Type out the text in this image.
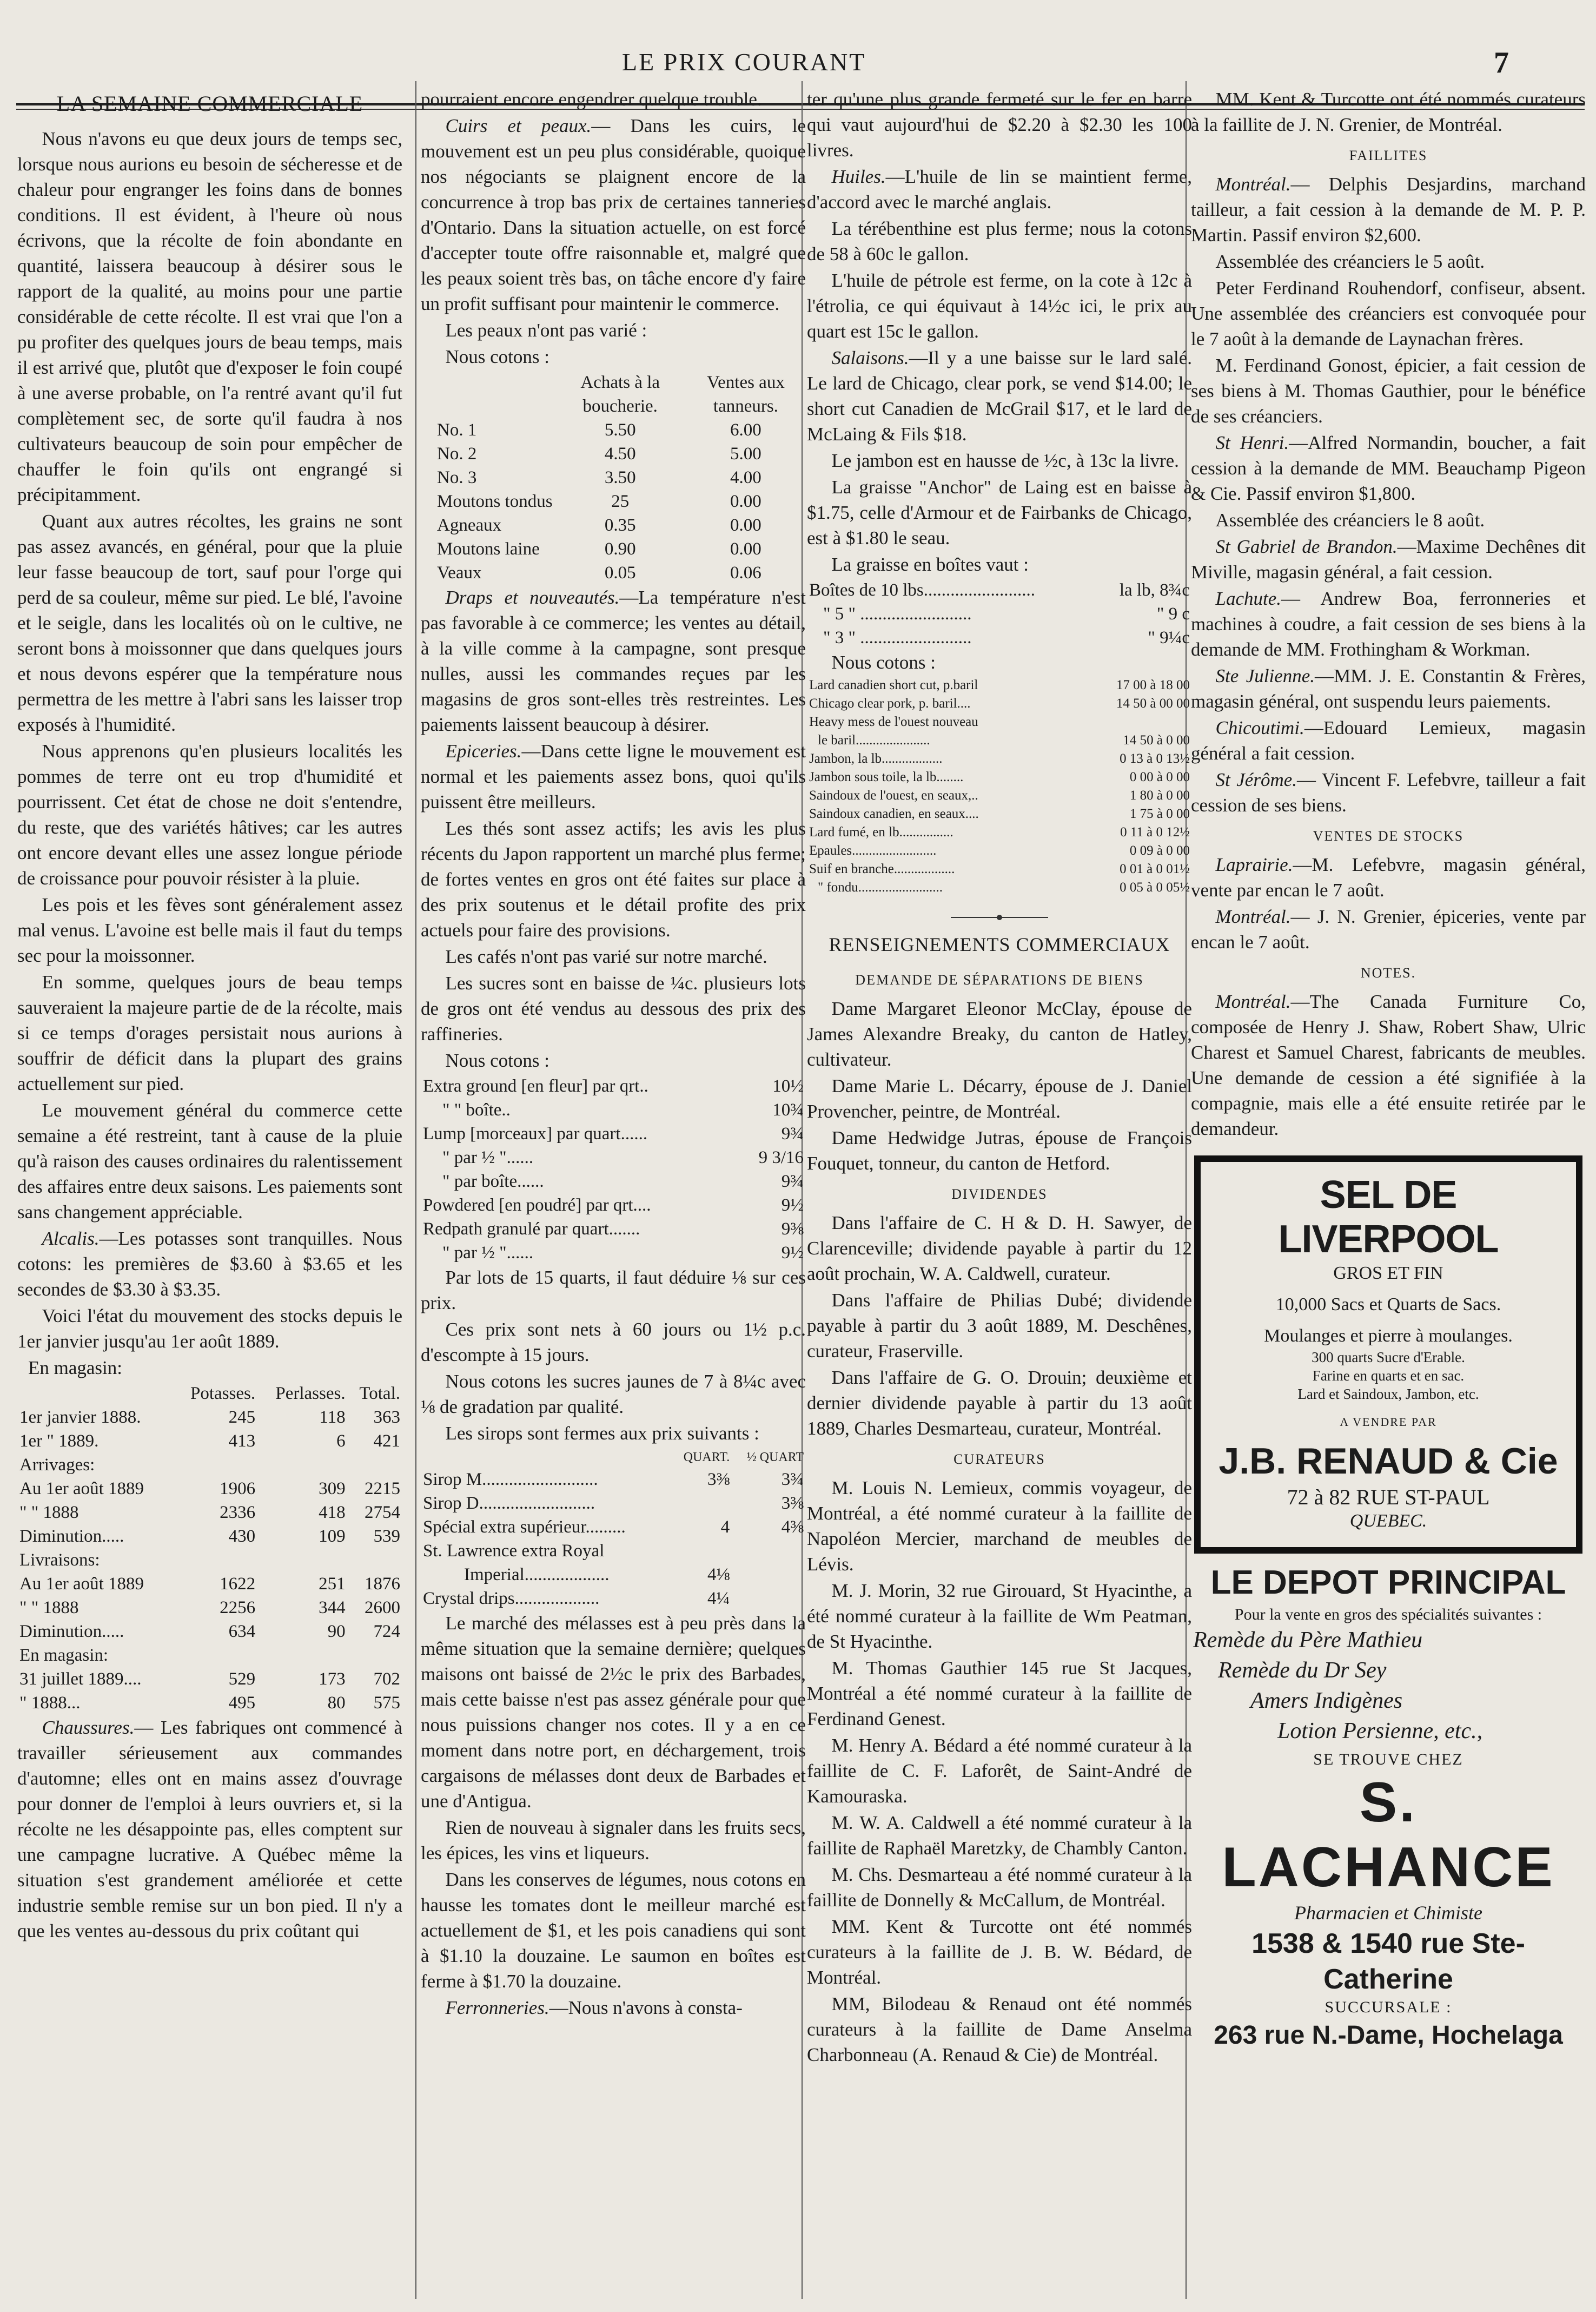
LE PRIX COURANT	7
LA SEMAINE COMMERCIALE

Nous n'avons eu que deux jours de temps sec, lorsque nous aurions eu besoin de sécheresse et de chaleur pour engranger les foins dans de bonnes conditions. Il est évident, à l'heure où nous écrivons, que la récolte de foin abondante en quantité, laissera beaucoup à désirer sous le rapport de la qualité, au moins pour une partie considérable de cette récolte. Il est vrai que l'on a pu profiter des quelques jours de beau temps, mais il est arrivé que, plutôt que d'exposer le foin coupé à une averse probable, on l'a rentré avant qu'il fut complètement sec, de sorte qu'il faudra à nos cultivateurs beaucoup de soin pour empêcher de chauffer le foin qu'ils ont engrangé si précipitamment.

Quant aux autres récoltes, les grains ne sont pas assez avancés, en général, pour que la pluie leur fasse beaucoup de tort, sauf pour l'orge qui perd de sa couleur, même sur pied. Le blé, l'avoine et le seigle, dans les localités où on le cultive, ne seront bons à moissonner que dans quelques jours et nous devons espérer que la température nous permettra de les mettre à l'abri sans les laisser trop exposés à l'humidité.

Nous apprenons qu'en plusieurs localités les pommes de terre ont eu trop d'humidité et pourrissent. Cet état de chose ne doit s'entendre, du reste, que des variétés hâtives; car les autres ont encore devant elles une assez longue période de croissance pour pouvoir résister à la pluie.

Les pois et les fèves sont généralement assez mal venus. L'avoine est belle mais il faut du temps sec pour la moissonner.

En somme, quelques jours de beau temps sauveraient la majeure partie de de la récolte, mais si ce temps d'orages persistait nous aurions à souffrir de déficit dans la plupart des grains actuellement sur pied.

Le mouvement général du commerce cette semaine a été restreint, tant à cause de la pluie qu'à raison des causes ordinaires du ralentissement des affaires entre deux saisons. Les paiements sont sans changement appréciable.

Alcalis.—Les potasses sont tranquilles. Nous cotons: les premières de $3.60 à $3.65 et les secondes de $3.30 à $3.35.

Voici l'état du mouvement des stocks depuis le 1er janvier jusqu'au 1er août 1889.

En magasin:

	Potasses.	Perlasses.	Total.
1er janvier 1888.	245	118	363
1er " 1889.	413	6	421
Arrivages:			
Au 1er août 1889	1906	309	2215
" " 1888	2336	418	2754
Diminution.....	430	109	539
Livraisons:			
Au 1er août 1889	1622	251	1876
" " 1888	2256	344	2600
Diminution.....	634	90	724
En magasin:			
31 juillet 1889....	529	173	702
" 1888...	495	80	575

Chaussures.— Les fabriques ont commencé à travailler sérieusement aux commandes d'automne; elles ont en mains assez d'ouvrage pour donner de l'emploi à leurs ouvriers et, si la récolte ne les désappointe pas, elles comptent sur une campagne lucrative. A Québec même la situation s'est grandement améliorée et cette industrie semble remise sur un bon pied. Il n'y a que les ventes au-dessous du prix coûtant qui

pourraient encore engendrer quelque trouble.

Cuirs et peaux.— Dans les cuirs, le mouvement est un peu plus considérable, quoique nos négociants se plaignent encore de la concurrence à trop bas prix de certaines tanneries d'Ontario. Dans la situation actuelle, on est forcé d'accepter toute offre raisonnable et, malgré que les peaux soient très bas, on tâche encore d'y faire un profit suffisant pour maintenir le commerce.

Les peaux n'ont pas varié :

Nous cotons :

	Achats à la boucherie.	Ventes aux tanneurs.
No. 1	5.50	6.00
No. 2	4.50	5.00
No. 3	3.50	4.00
Moutons tondus	25	0.00
Agneaux	0.35	0.00
Moutons laine	0.90	0.00
Veaux	0.05	0.06

Draps et nouveautés.—La température n'est pas favorable à ce commerce; les ventes au détail, à la ville comme à la campagne, sont presque nulles, aussi les commandes reçues par les magasins de gros sont-elles très restreintes. Les paiements laissent beaucoup à désirer.

Epiceries.—Dans cette ligne le mouvement est normal et les paiements assez bons, quoi qu'ils puissent être meilleurs.

Les thés sont assez actifs; les avis les plus récents du Japon rapportent un marché plus ferme; de fortes ventes en gros ont été faites sur place à des prix soutenus et le détail profite des prix actuels pour faire des provisions.

Les cafés n'ont pas varié sur notre marché.

Les sucres sont en baisse de ¼c. plusieurs lots de gros ont été vendus au dessous des prix des raffineries.

Nous cotons :

Extra ground [en fleur] par qrt..	10½
" " boîte..	10¾
Lump [morceaux] par quart......	9¾
" par ½ "......	9 3/16
" par boîte......	9¾
Powdered [en poudré] par qrt....	9½
Redpath granulé par quart.......	9⅜
" par ½ "......	9½

Par lots de 15 quarts, il faut déduire ⅛ sur ces prix.

Ces prix sont nets à 60 jours ou 1½ p.c. d'escompte à 15 jours.

Nous cotons les sucres jaunes de 7 à 8¼c avec ⅛ de gradation par qualité.

Les sirops sont fermes aux prix suivants :

	QUART.	½ QUART
Sirop M..........................	3⅜	3¾
Sirop D..........................		3⅜
Spécial extra supérieur.........	4	4⅜
St. Lawrence extra Royal		
Imperial...................	4⅛	
Crystal drips...................	4¼	

Le marché des mélasses est à peu près dans la même situation que la semaine dernière; quelques maisons ont baissé de 2½c le prix des Barbades, mais cette baisse n'est pas assez générale pour que nous puissions changer nos cotes. Il y a en ce moment dans notre port, en déchargement, trois cargaisons de mélasses dont deux de Barbades et une d'Antigua.

Rien de nouveau à signaler dans les fruits secs, les épices, les vins et liqueurs.

Dans les conserves de légumes, nous cotons en hausse les tomates dont le meilleur marché est actuellement de $1, et les pois canadiens qui sont à $1.10 la douzaine. Le saumon en boîtes est ferme à $1.70 la douzaine.

Ferronneries.—Nous n'avons à consta-

ter qu'une plus grande fermeté sur le fer en barre qui vaut aujourd'hui de $2.20 à $2.30 les 100 livres.

Huiles.—L'huile de lin se maintient ferme, d'accord avec le marché anglais.

La térébenthine est plus ferme; nous la cotons de 58 à 60c le gallon.

L'huile de pétrole est ferme, on la cote à 12c à l'étrolia, ce qui équivaut à 14½c ici, le prix au quart est 15c le gallon.

Salaisons.—Il y a une baisse sur le lard salé. Le lard de Chicago, clear pork, se vend $14.00; le short cut Canadien de McGrail $17, et le lard de McLaing & Fils $18.

Le jambon est en hausse de ½c, à 13c la livre.

La graisse "Anchor" de Laing est en baisse à $1.75, celle d'Armour et de Fairbanks de Chicago, est à $1.80 le seau.

La graisse en boîtes vaut :

Boîtes de 10 lbs.........................	la lb, 8¾c
" 5 " .........................	" 9 c
" 3 " .........................	" 9¼c

Nous cotons :

Lard canadien short cut, p.baril	17 00 à 18 00
Chicago clear pork, p. baril....	14 50 à 00 00
Heavy mess de l'ouest nouveau	
le baril......................	14 50 à 0 00
Jambon, la lb..................	0 13 à 0 13½
Jambon sous toile, la lb........	0 00 à 0 00
Saindoux de l'ouest, en seaux,..	1 80 à 0 00
Saindoux canadien, en seaux....	1 75 à 0 00
Lard fumé, en lb................	0 11 à 0 12½
Epaules.........................	0 09 à 0 00
Suif en branche..................	0 01 à 0 01½
" fondu.........................	0 05 à 0 05½
RENSEIGNEMENTS COMMERCIAUX
DEMANDE DE SÉPARATIONS DE BIENS

Dame Margaret Eleonor McClay, épouse de James Alexandre Breaky, du canton de Hatley, cultivateur.

Dame Marie L. Décarry, épouse de J. Daniel Provencher, peintre, de Montréal.

Dame Hedwidge Jutras, épouse de François Fouquet, tonneur, du canton de Hetford.

DIVIDENDES

Dans l'affaire de C. H & D. H. Sawyer, de Clarenceville; dividende payable à partir du 12 août prochain, W. A. Caldwell, curateur.

Dans l'affaire de Philias Dubé; dividende payable à partir du 3 août 1889, M. Deschênes, curateur, Fraserville.

Dans l'affaire de G. O. Drouin; deuxième et dernier dividende payable à partir du 13 août 1889, Charles Desmarteau, curateur, Montréal.

CURATEURS

M. Louis N. Lemieux, commis voyageur, de Montréal, a été nommé curateur à la faillite de Napoléon Mercier, marchand de meubles de Lévis.

M. J. Morin, 32 rue Girouard, St Hyacinthe, a été nommé curateur à la faillite de Wm Peatman, de St Hyacinthe.

M. Thomas Gauthier 145 rue St Jacques, Montréal a été nommé curateur à la faillite de Ferdinand Genest.

M. Henry A. Bédard a été nommé curateur à la faillite de C. F. Laforêt, de Saint-André de Kamouraska.

M. W. A. Caldwell a été nommé curateur à la faillite de Raphaël Maretzky, de Chambly Canton.

M. Chs. Desmarteau a été nommé curateur à la faillite de Donnelly & McCallum, de Montréal.

MM. Kent & Turcotte ont été nommés curateurs à la faillite de J. B. W. Bédard, de Montréal.

MM, Bilodeau & Renaud ont été nommés curateurs à la faillite de Dame Anselma Charbonneau (A. Renaud & Cie) de Montréal.

MM. Kent & Turcotte ont été nommés curateurs à la faillite de J. N. Grenier, de Montréal.

FAILLITES

Montréal.— Delphis Desjardins, marchand tailleur, a fait cession à la demande de M. P. P. Martin. Passif environ $2,600.

Assemblée des créanciers le 5 août.

Peter Ferdinand Rouhendorf, confiseur, absent. Une assemblée des créanciers est convoquée pour le 7 août à la demande de Laynachan frères.

M. Ferdinand Gonost, épicier, a fait cession de ses biens à M. Thomas Gauthier, pour le bénéfice de ses créanciers.

St Henri.—Alfred Normandin, boucher, a fait cession à la demande de MM. Beauchamp Pigeon & Cie. Passif environ $1,800.

Assemblée des créanciers le 8 août.

St Gabriel de Brandon.—Maxime Dechênes dit Miville, magasin général, a fait cession.

Lachute.— Andrew Boa, ferronneries et machines à coudre, a fait cession de ses biens à la demande de MM. Frothingham & Workman.

Ste Julienne.—MM. J. E. Constantin & Frères, magasin général, ont suspendu leurs paiements.

Chicoutimi.—Edouard Lemieux, magasin général a fait cession.

St Jérôme.— Vincent F. Lefebvre, tailleur a fait cession de ses biens.

VENTES DE STOCKS

Laprairie.—M. Lefebvre, magasin général, vente par encan le 7 août.

Montréal.— J. N. Grenier, épiceries, vente par encan le 7 août.

NOTES.

Montréal.—The Canada Furniture Co, composée de Henry J. Shaw, Robert Shaw, Ulric Charest et Samuel Charest, fabricants de meubles. Une demande de cession a été signifiée à la compagnie, mais elle a été ensuite retirée par le demandeur.

SEL DE LIVERPOOL
GROS ET FIN
10,000 Sacs et Quarts de Sacs.
Moulanges et pierre à moulanges.
300 quarts Sucre d'Erable.
Farine en quarts et en sac.
Lard et Saindoux, Jambon, etc.
A VENDRE PAR
J.B. RENAUD & Cie
72 à 82 RUE ST-PAUL
QUEBEC.
LE DEPOT PRINCIPAL
Pour la vente en gros des spécialités suivantes :
Remède du Père Mathieu
Remède du Dr Sey
Amers Indigènes
Lotion Persienne, etc.,
SE TROUVE CHEZ
S. LACHANCE
Pharmacien et Chimiste
1538 & 1540 rue Ste-Catherine
SUCCURSALE :
263 rue N.-Dame, Hochelaga
